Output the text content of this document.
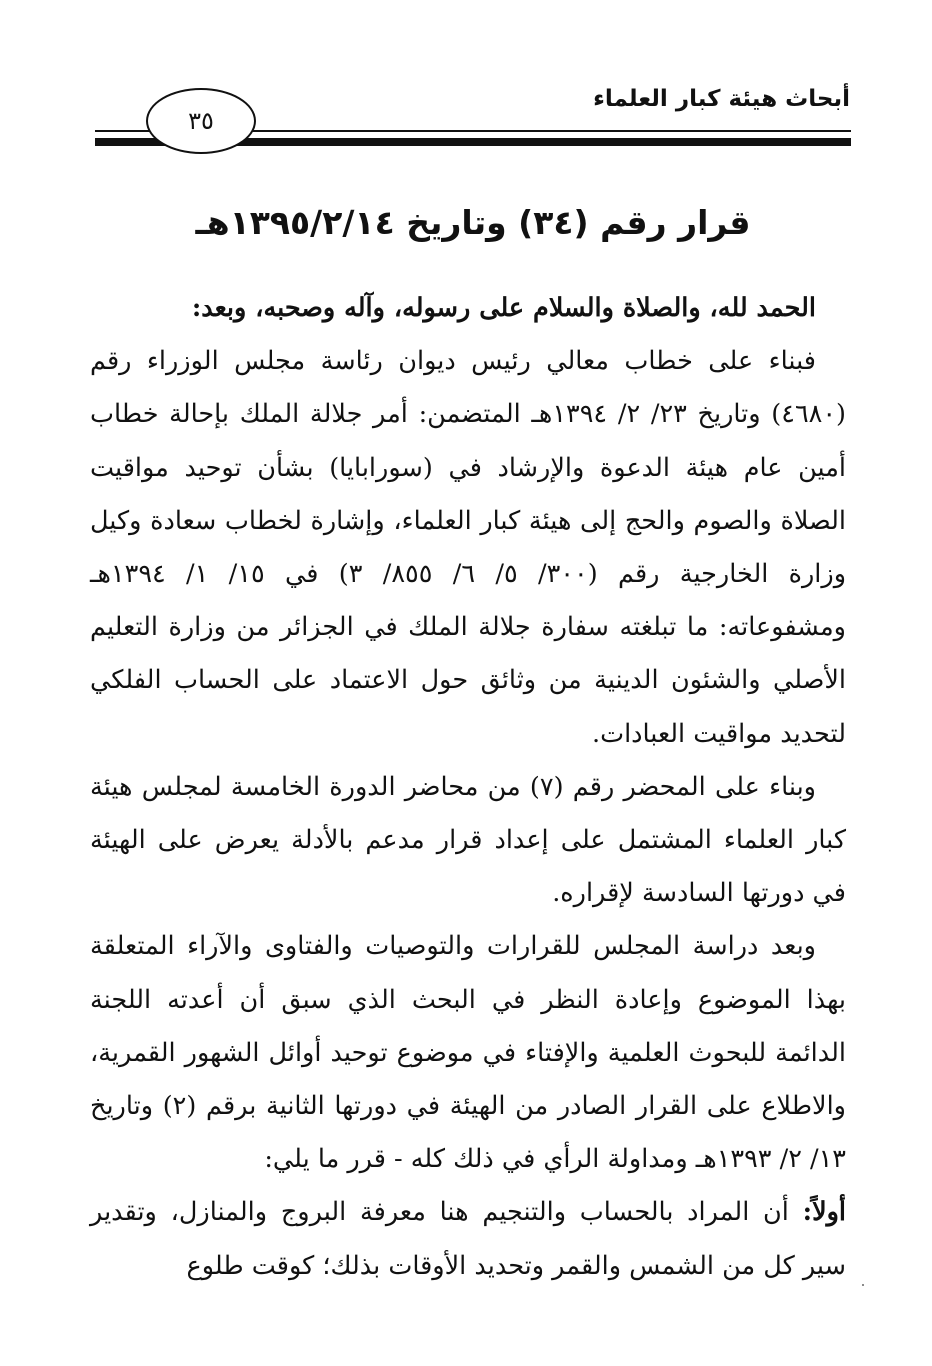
أبحاث هيئة كبار العلماء
٣٥
قرار رقم (٣٤) وتاريخ ١٣٩٥/٢/١٤هـ

الحمد لله، والصلاة والسلام على رسوله، وآله وصحبه، وبعد:

فبناء على خطاب معالي رئيس ديوان رئاسة مجلس الوزراء رقم (٤٦٨٠) وتاريخ ٢٣/ ٢/ ١٣٩٤هـ المتضمن: أمر جلالة الملك بإحالة خطاب أمين عام هيئة الدعوة والإرشاد في (سورابايا) بشأن توحيد مواقيت الصلاة والصوم والحج إلى هيئة كبار العلماء، وإشارة لخطاب سعادة وكيل وزارة الخارجية رقم (٣٠٠/ ٥/ ٦/ ٨٥٥/ ٣) في ١٥/ ١/ ١٣٩٤هـ ومشفوعاته: ما تبلغته سفارة جلالة الملك في الجزائر من وزارة التعليم الأصلي والشئون الدينية من وثائق حول الاعتماد على الحساب الفلكي لتحديد مواقيت العبادات.

وبناء على المحضر رقم (٧) من محاضر الدورة الخامسة لمجلس هيئة كبار العلماء المشتمل على إعداد قرار مدعم بالأدلة يعرض على الهيئة في دورتها السادسة لإقراره.

وبعد دراسة المجلس للقرارات والتوصيات والفتاوى والآراء المتعلقة بهذا الموضوع وإعادة النظر في البحث الذي سبق أن أعدته اللجنة الدائمة للبحوث العلمية والإفتاء في موضوع توحيد أوائل الشهور القمرية، والاطلاع على القرار الصادر من الهيئة في دورتها الثانية برقم (٢) وتاريخ ١٣/ ٢/ ١٣٩٣هـ ومداولة الرأي في ذلك كله - قرر ما يلي:

أولاً: أن المراد بالحساب والتنجيم هنا معرفة البروج والمنازل، وتقدير سير كل من الشمس والقمر وتحديد الأوقات بذلك؛ كوقت طلوع
